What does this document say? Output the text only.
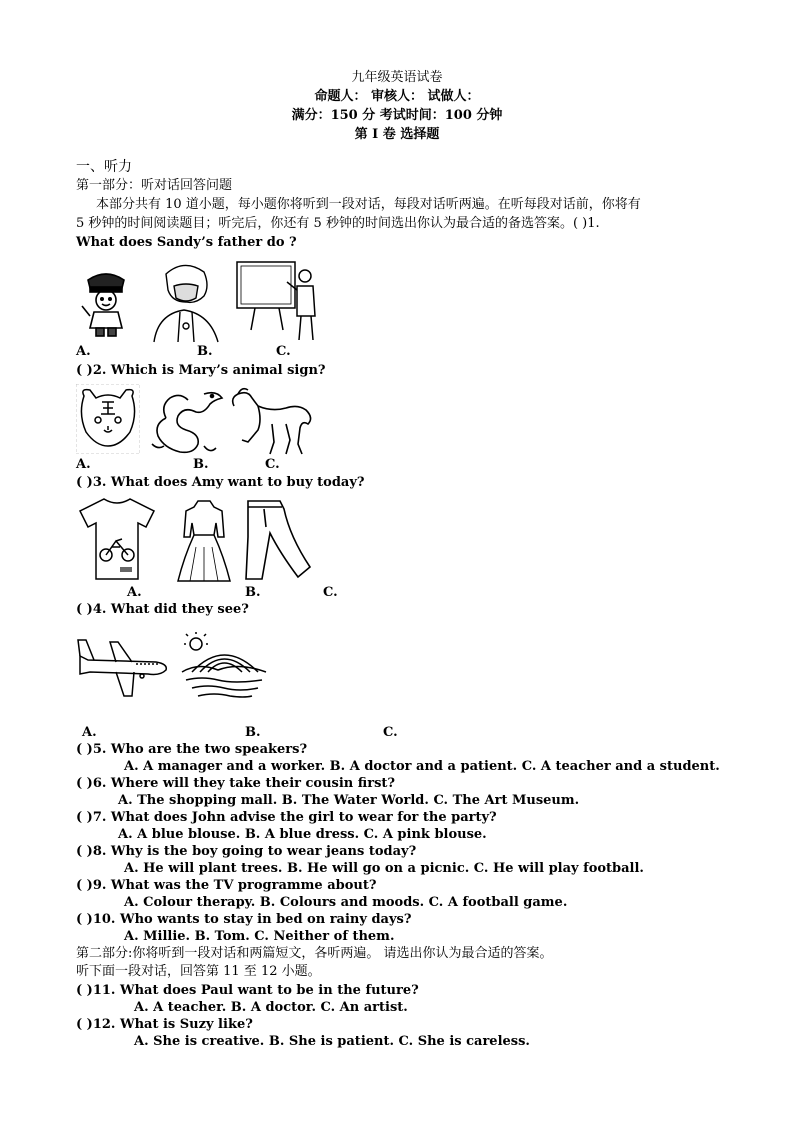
九年级英语试卷
命题人： 审核人： 试做人：
满分：150 分 考试时间：100 分钟
第 I 卷 选择题
一、听力
第一部分：听对话回答问题
本部分共有 10 道小题，每小题你将听到一段对话，每段对话听两遍。在听每段对话前，你将有
5 秒钟的时间阅读题目；听完后，你还有 5 秒钟的时间选出你认为最合适的备选答案。( )1.
What does Sandy’s father do ?
A.	B.	C.
( )2. Which is Mary’s animal sign?
A.	B.	C.
( )3. What does Amy want to buy today?
A.	B.	C.
( )4. What did they see?
A.	B.	C.
( )5. Who are the two speakers?
A. A manager and a worker. B. A doctor and a patient. C. A teacher and a student.
( )6. Where will they take their cousin first?
A. The shopping mall. B. The Water World. C. The Art Museum.
( )7. What does John advise the girl to wear for the party?
A. A blue blouse. B. A blue dress. C. A pink blouse.
( )8. Why is the boy going to wear jeans today?
A. He will plant trees. B. He will go on a picnic. C. He will play football.
( )9. What was the TV programme about?
A. Colour therapy. B. Colours and moods. C. A football game.
( )10. Who wants to stay in bed on rainy days?
A. Millie. B. Tom. C. Neither of them.
第二部分:你将听到一段对话和两篇短文，各听两遍。 请选出你认为最合适的答案。
听下面一段对话，回答第 11 至 12 小题。
( )11. What does Paul want to be in the future?
A. A teacher. B. A doctor. C. An artist.
( )12. What is Suzy like?
A. She is creative. B. She is patient. C. She is careless.
